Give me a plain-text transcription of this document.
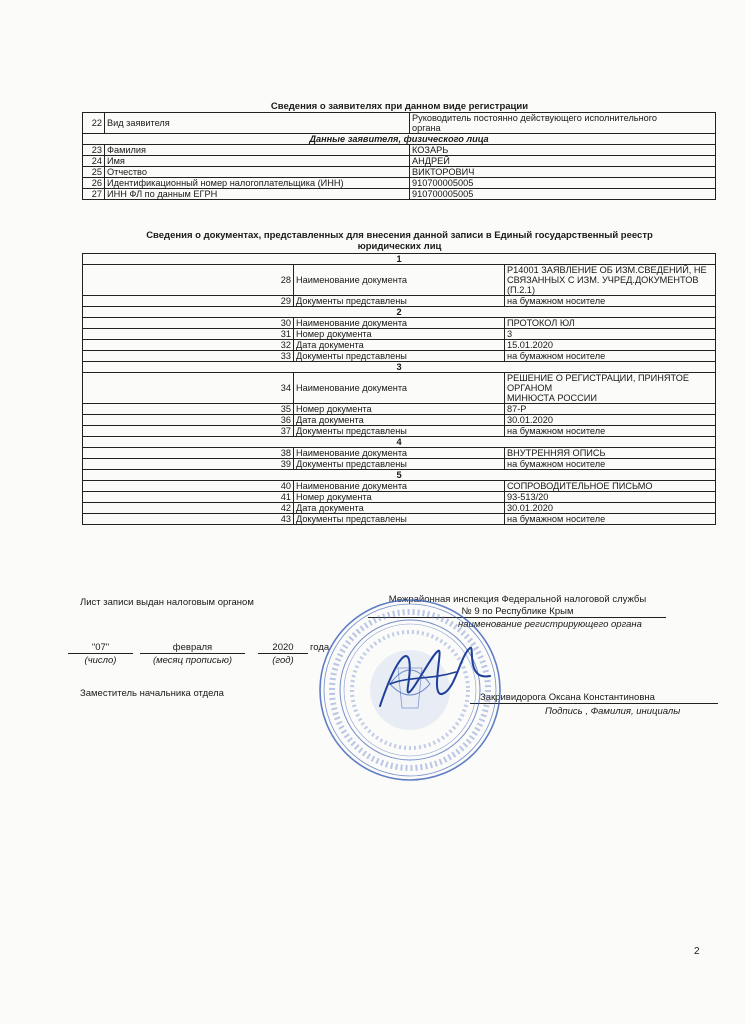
Сведения о заявителях при данном виде регистрации
22	Вид заявителя	Руководитель постоянно действующего исполнительного
органа
Данные заявителя, физического лица		
23	Фамилия	КОЗАРЬ
24	Имя	АНДРЕЙ
25	Отчество	ВИКТОРОВИЧ
26	Идентификационный номер налогоплательщика (ИНН)	910700005005
27	ИНН ФЛ по данным ЕГРН	910700005005
Сведения о документах, представленных для внесения данной записи в Единый государственный реестр
юридических лиц
1		
28	Наименование документа	Р14001 ЗАЯВЛЕНИЕ ОБ ИЗМ.СВЕДЕНИЙ, НЕ
СВЯЗАННЫХ С ИЗМ. УЧРЕД.ДОКУМЕНТОВ (П.2.1)
29	Документы представлены	на бумажном носителе
2		
30	Наименование документа	ПРОТОКОЛ ЮЛ
31	Номер документа	3
32	Дата документа	15.01.2020
33	Документы представлены	на бумажном носителе
3		
34	Наименование документа	РЕШЕНИЕ О РЕГИСТРАЦИИ, ПРИНЯТОЕ ОРГАНОМ
МИНЮСТА РОССИИ
35	Номер документа	87-Р
36	Дата документа	30.01.2020
37	Документы представлены	на бумажном носителе
4		
38	Наименование документа	ВНУТРЕННЯЯ ОПИСЬ
39	Документы представлены	на бумажном носителе
5		
40	Наименование документа	СОПРОВОДИТЕЛЬНОЕ ПИСЬМО
41	Номер документа	93-513/20
42	Дата документа	30.01.2020
43	Документы представлены	на бумажном носителе
Лист записи выдан налоговым органом	Межрайонная инспекция Федеральной налоговой службы
№ 9 по Республике Крым
наименование регистрирующего органа
"07"
(число)
февраля
(месяц прописью)
2020
(год)
года
Заместитель начальника отдела	Закривидорога Оксана Константиновна
Подпись , Фамилия, инициалы
2
